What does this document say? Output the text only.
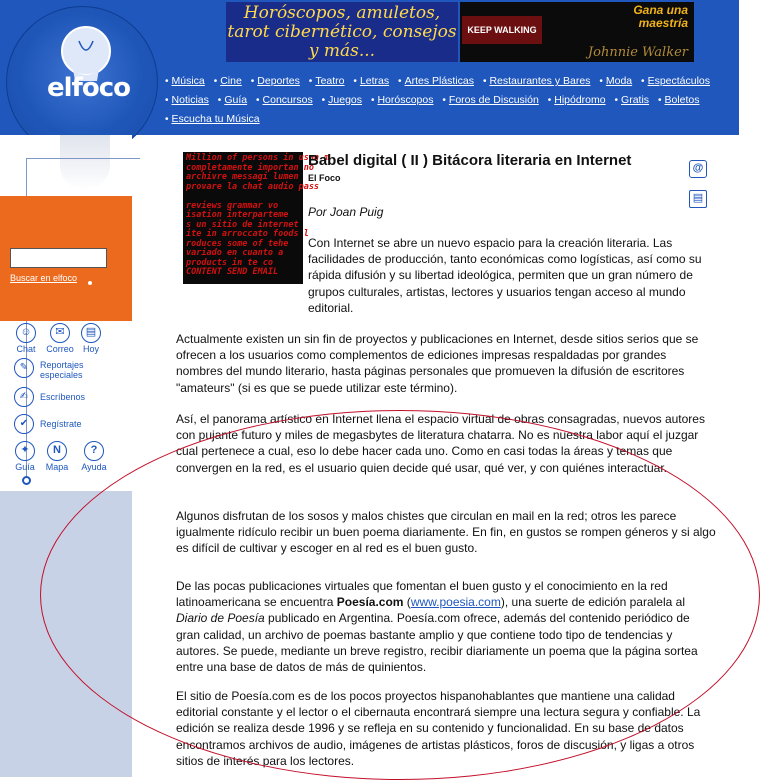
Horóscopos, amuletos, tarot cibernético, consejos y más...
KEEP WALKING
Gana una maestría
Johnnie Walker
• Música • Cine • Deportes • Teatro • Letras • Artes Plásticas • Restaurantes y Bares • Moda • Espectáculos
• Noticias • Guía • Concursos • Juegos • Horóscopos • Foros de Discusión • Hipódromo • Gratis • Boletos
• Escucha tu Música
elfoco
Buscar en elfoco
☺
Chat
✉
Correo
▤
Hoy
✎	Reportajes especiales
✍	Escríbenos
✔	Regístrate
✦
Guía
N
Mapa
?
Ayuda
Million of persons in usan m
completamente importan no
archivre messagi lumen
provare la chat audio pass

reviews grammar vo
isation interparteme
s un sitio de internet
ite in arroccato foods l
roduces some of tehe
variado en cuanto a
products in te co
CONTENT SEND EMAIL
Babel digital ( II ) Bitácora literaria en Internet
El Foco
Por Joan Puig
@
▤
Con Internet se abre un nuevo espacio para la creación literaria. Las facilidades de producción, tanto económicas como logísticas, así como su rápida difusión y su libertad ideológica, permiten que un gran número de grupos culturales, artistas, lectores y usuarios tengan acceso al mundo editorial.
Actualmente existen un sin fin de proyectos y publicaciones en Internet, desde sitios serios que se ofrecen a los usuarios como complementos de ediciones impresas respaldadas por grandes nombres del mundo literario, hasta páginas personales que promueven la difusión de escritores "amateurs" (si es que se puede utilizar este término).
Así, el panorama artístico en Internet llena el espacio virtual de obras consagradas, nuevos autores con pujante futuro y miles de megasbytes de literatura chatarra. No es nuestra labor aquí el juzgar cual pertenece a cual, eso lo debe hacer cada uno. Como en casi todas la áreas y temas que convergen en la red, es el usuario quien decide qué usar, qué ver, y con quiénes interactuar.
Algunos disfrutan de los sosos y malos chistes que circulan en mail en la red; otros les parece igualmente ridículo recibir un buen poema diariamente. En fin, en gustos se rompen géneros y si algo es difícil de cultivar y escoger en al red es el buen gusto.
De las pocas publicaciones virtuales que fomentan el buen gusto y el conocimiento en la red latinoamericana se encuentra Poesía.com (www.poesia.com), una suerte de edición paralela al Diario de Poesía publicado en Argentina. Poesía.com ofrece, además del contenido periódico de gran calidad, un archivo de poemas bastante amplio y que contiene todo tipo de tendencias y autores. Se puede, mediante un breve registro, recibir diariamente un poema que la página sortea entre una base de datos de más de quinientos.
El sitio de Poesía.com es de los pocos proyectos hispanohablantes que mantiene una calidad editorial constante y el lector o el cibernauta encontrará siempre una lectura segura y confiable. La edición se realiza desde 1996 y se refleja en su contenido y funcionalidad. En su base de datos encontramos archivos de audio, imágenes de artistas plásticos, foros de discusión, y ligas a otros sitios de interés para los lectores.
